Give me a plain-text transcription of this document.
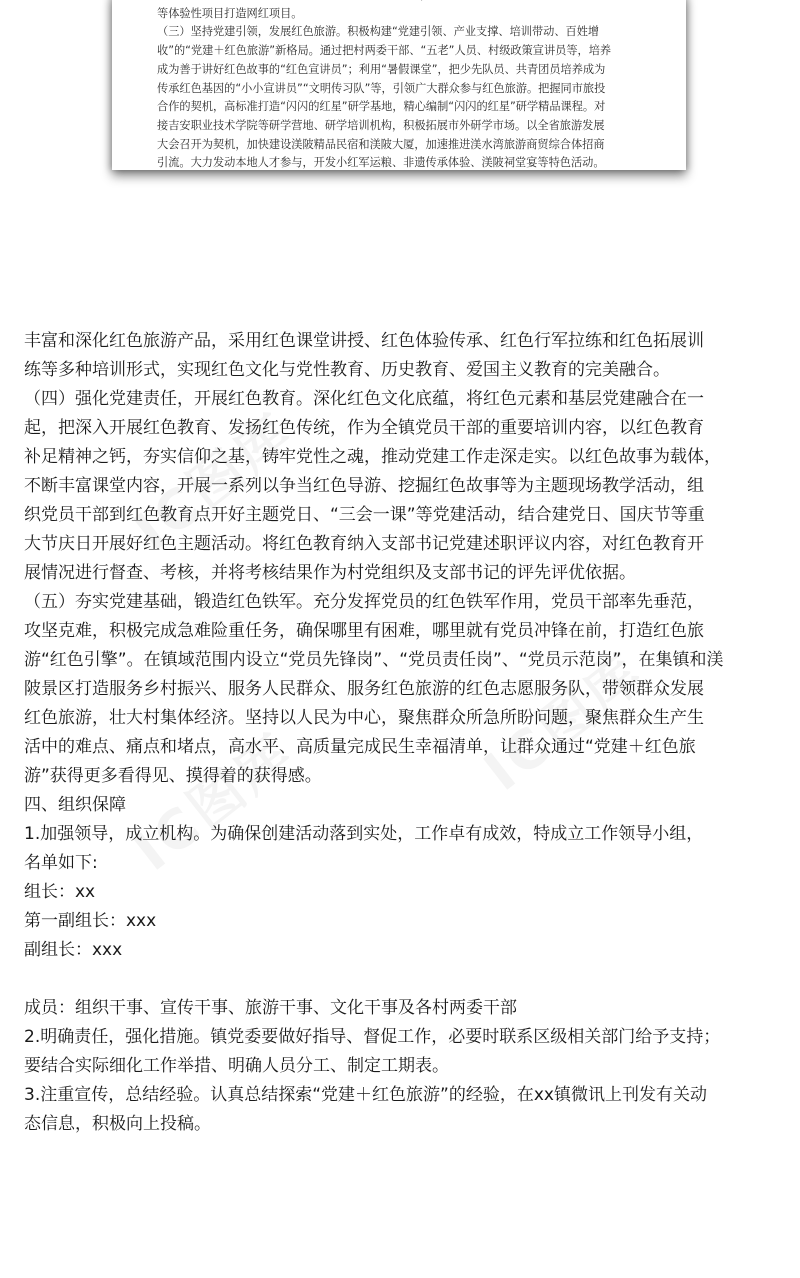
等体验性项目打造网红项目。

（三）坚持党建引领，发展红色旅游。积极构建“党建引领、产业支撑、培训带动、百姓增

收”的“党建＋红色旅游”新格局。通过把村两委干部、“五老”人员、村级政策宣讲员等，培养

成为善于讲好红色故事的“红色宣讲员”；利用“暑假课堂”，把少先队员、共青团员培养成为

传承红色基因的“小小宣讲员”“文明传习队”等，引领广大群众参与红色旅游。把握同市旅投

合作的契机，高标准打造“闪闪的红星”研学基地，精心编制“闪闪的红星”研学精品课程。对

接吉安职业技术学院等研学营地、研学培训机构，积极拓展市外研学市场。以全省旅游发展

大会召开为契机，加快建设渼陂精品民宿和渼陂大厦，加速推进渼水湾旅游商贸综合体招商

引流。大力发动本地人才参与，开发小红军运粮、非遗传承体验、渼陂祠堂宴等特色活动。

丰富和深化红色旅游产品，采用红色课堂讲授、红色体验传承、红色行军拉练和红色拓展训

练等多种培训形式，实现红色文化与党性教育、历史教育、爱国主义教育的完美融合。

（四）强化党建责任，开展红色教育。深化红色文化底蕴，将红色元素和基层党建融合在一

起，把深入开展红色教育、发扬红色传统，作为全镇党员干部的重要培训内容，以红色教育

补足精神之钙，夯实信仰之基，铸牢党性之魂，推动党建工作走深走实。以红色故事为载体，

不断丰富课堂内容，开展一系列以争当红色导游、挖掘红色故事等为主题现场教学活动，组

织党员干部到红色教育点开好主题党日、“三会一课”等党建活动，结合建党日、国庆节等重

大节庆日开展好红色主题活动。将红色教育纳入支部书记党建述职评议内容，对红色教育开

展情况进行督查、考核，并将考核结果作为村党组织及支部书记的评先评优依据。

（五）夯实党建基础，锻造红色铁军。充分发挥党员的红色铁军作用，党员干部率先垂范，

攻坚克难，积极完成急难险重任务，确保哪里有困难，哪里就有党员冲锋在前，打造红色旅

游“红色引擎”。在镇域范围内设立“党员先锋岗”、“党员责任岗”、“党员示范岗”，在集镇和渼

陂景区打造服务乡村振兴、服务人民群众、服务红色旅游的红色志愿服务队，带领群众发展

红色旅游，壮大村集体经济。坚持以人民为中心，聚焦群众所急所盼问题，聚焦群众生产生

活中的难点、痛点和堵点，高水平、高质量完成民生幸福清单，让群众通过“党建＋红色旅

游”获得更多看得见、摸得着的获得感。

四、组织保障

1.加强领导，成立机构。为确保创建活动落到实处，工作卓有成效，特成立工作领导小组，

名单如下:

组长：xx

第一副组长：xxx

副组长：xxx

成员：组织干事、宣传干事、旅游干事、文化干事及各村两委干部

2.明确责任，强化措施。镇党委要做好指导、督促工作，必要时联系区级相关部门给予支持；

要结合实际细化工作举措、明确人员分工、制定工期表。

3.注重宣传，总结经验。认真总结探索“党建＋红色旅游”的经验，在xx镇微讯上刊发有关动

态信息，积极向上投稿。
